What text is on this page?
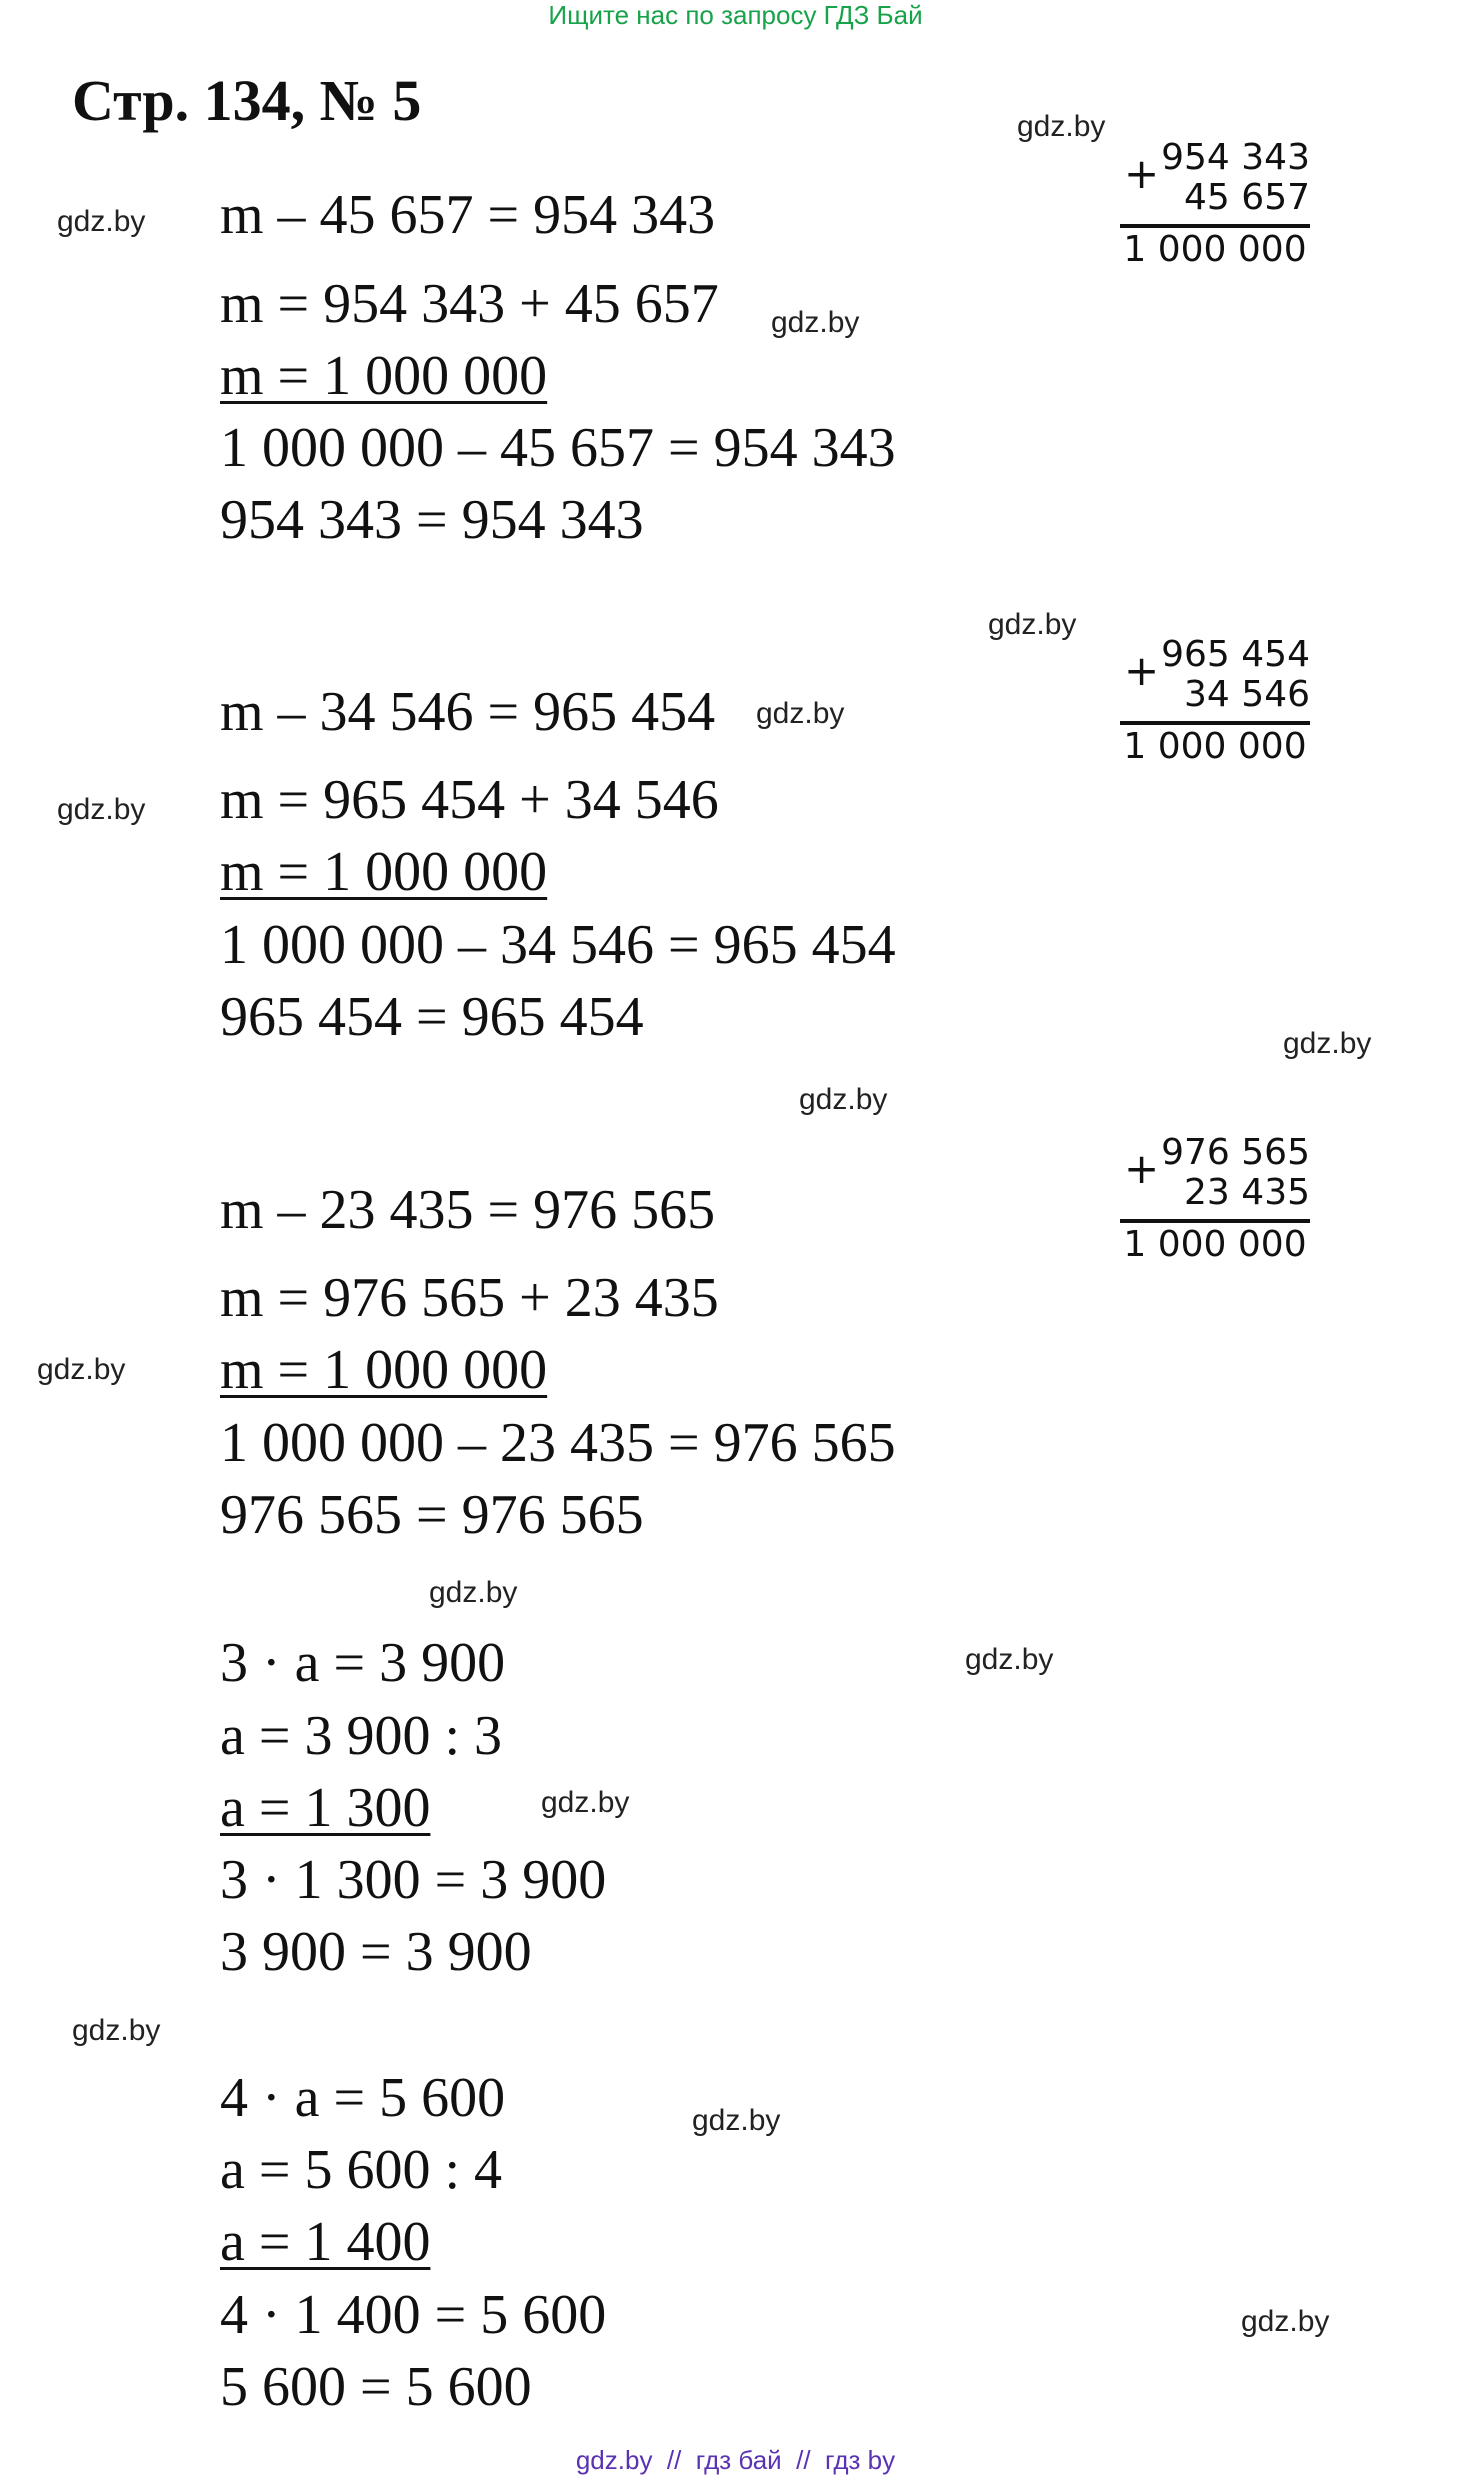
Ищите нас по запросу ГДЗ Бай
Стр. 134, № 5	gdz.by
gdz.by
gdz.by
gdz.by
gdz.by
gdz.by
gdz.by
gdz.by
gdz.by
gdz.by
gdz.by
gdz.by
gdz.by
gdz.by
gdz.by
m – 45 657 = 954 343
m = 954 343 + 45 657
m = 1 000 000
1 000 000 – 45 657 = 954 343
954 343 = 954 343
+ 954 343
45 657
1 000 000
m – 34 546 = 965 454
m = 965 454 + 34 546
m = 1 000 000
1 000 000 – 34 546 = 965 454
965 454 = 965 454
+ 965 454
34 546
1 000 000
m – 23 435 = 976 565
m = 976 565 + 23 435
m = 1 000 000
1 000 000 – 23 435 = 976 565
976 565 = 976 565
+ 976 565
23 435
1 000 000
3 · a = 3 900
a = 3 900 : 3
a = 1 300
3 · 1 300 = 3 900
3 900 = 3 900
4 · a = 5 600
a = 5 600 : 4
a = 1 400
4 · 1 400 = 5 600
5 600 = 5 600
gdz.by  //  гдз бай  //  гдз by
